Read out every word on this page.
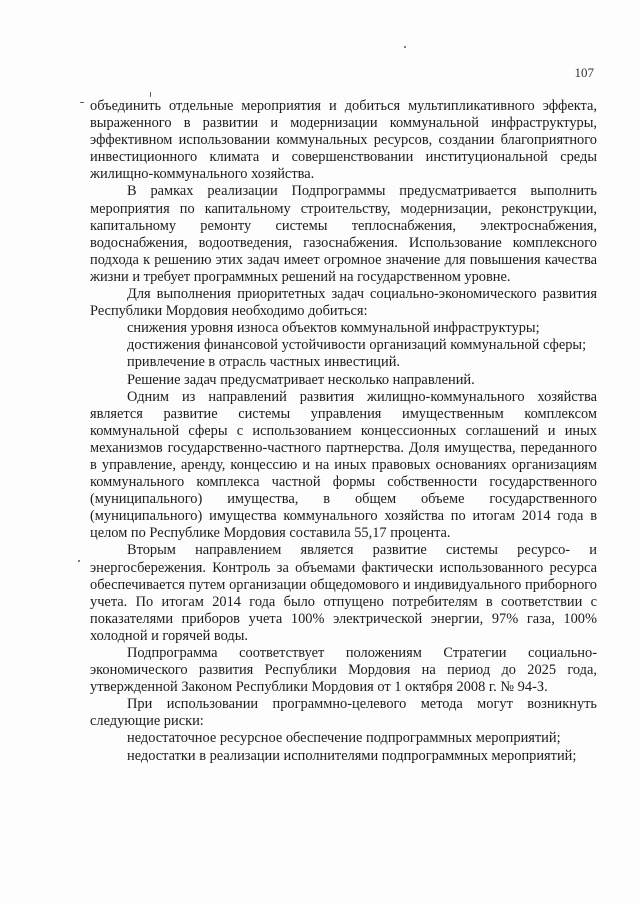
107

объединить отдельные мероприятия и добиться мультипликативного эффекта, выраженного в развитии и модернизации коммунальной инфраструктуры, эффективном использовании коммунальных ресурсов, создании благоприятного инвестиционного климата и совершенствовании институциональной среды жилищно-коммунального хозяйства.

В рамках реализации Подпрограммы предусматривается выполнить мероприятия по капитальному строительству, модернизации, реконструкции, капитальному ремонту системы теплоснабжения, электроснабжения, водоснабжения, водоотведения, газоснабжения. Использование комплексного подхода к решению этих задач имеет огромное значение для повышения качества жизни и требует программных решений на государственном уровне.

Для выполнения приоритетных задач социально-экономического развития Республики Мордовия необходимо добиться:

снижения уровня износа объектов коммунальной инфраструктуры;

достижения финансовой устойчивости организаций коммунальной сферы;

привлечение в отрасль частных инвестиций.

Решение задач предусматривает несколько направлений.

Одним из направлений развития жилищно-коммунального хозяйства является развитие системы управления имущественным комплексом коммунальной сферы с использованием концессионных соглашений и иных механизмов государственно-частного партнерства. Доля имущества, переданного в управление, аренду, концессию и на иных правовых основаниях организациям коммунального комплекса частной формы собственности государственного (муниципального) имущества, в общем объеме государственного (муниципального) имущества коммунального хозяйства по итогам 2014 года в целом по Республике Мордовия составила 55,17 процента.

Вторым направлением является развитие системы ресурсо- и энергосбережения. Контроль за объемами фактически использованного ресурса обеспечивается путем организации общедомового и индивидуального приборного учета. По итогам 2014 года было отпущено потребителям в соответствии с показателями приборов учета 100% электрической энергии, 97% газа, 100% холодной и горячей воды.

Подпрограмма соответствует положениям Стратегии социально-экономического развития Республики Мордовия на период до 2025 года, утвержденной Законом Республики Мордовия от 1 октября 2008 г. № 94-З.

При использовании программно-целевого метода могут возникнуть следующие риски:

недостаточное ресурсное обеспечение подпрограммных мероприятий;

недостатки в реализации исполнителями подпрограммных мероприятий;
